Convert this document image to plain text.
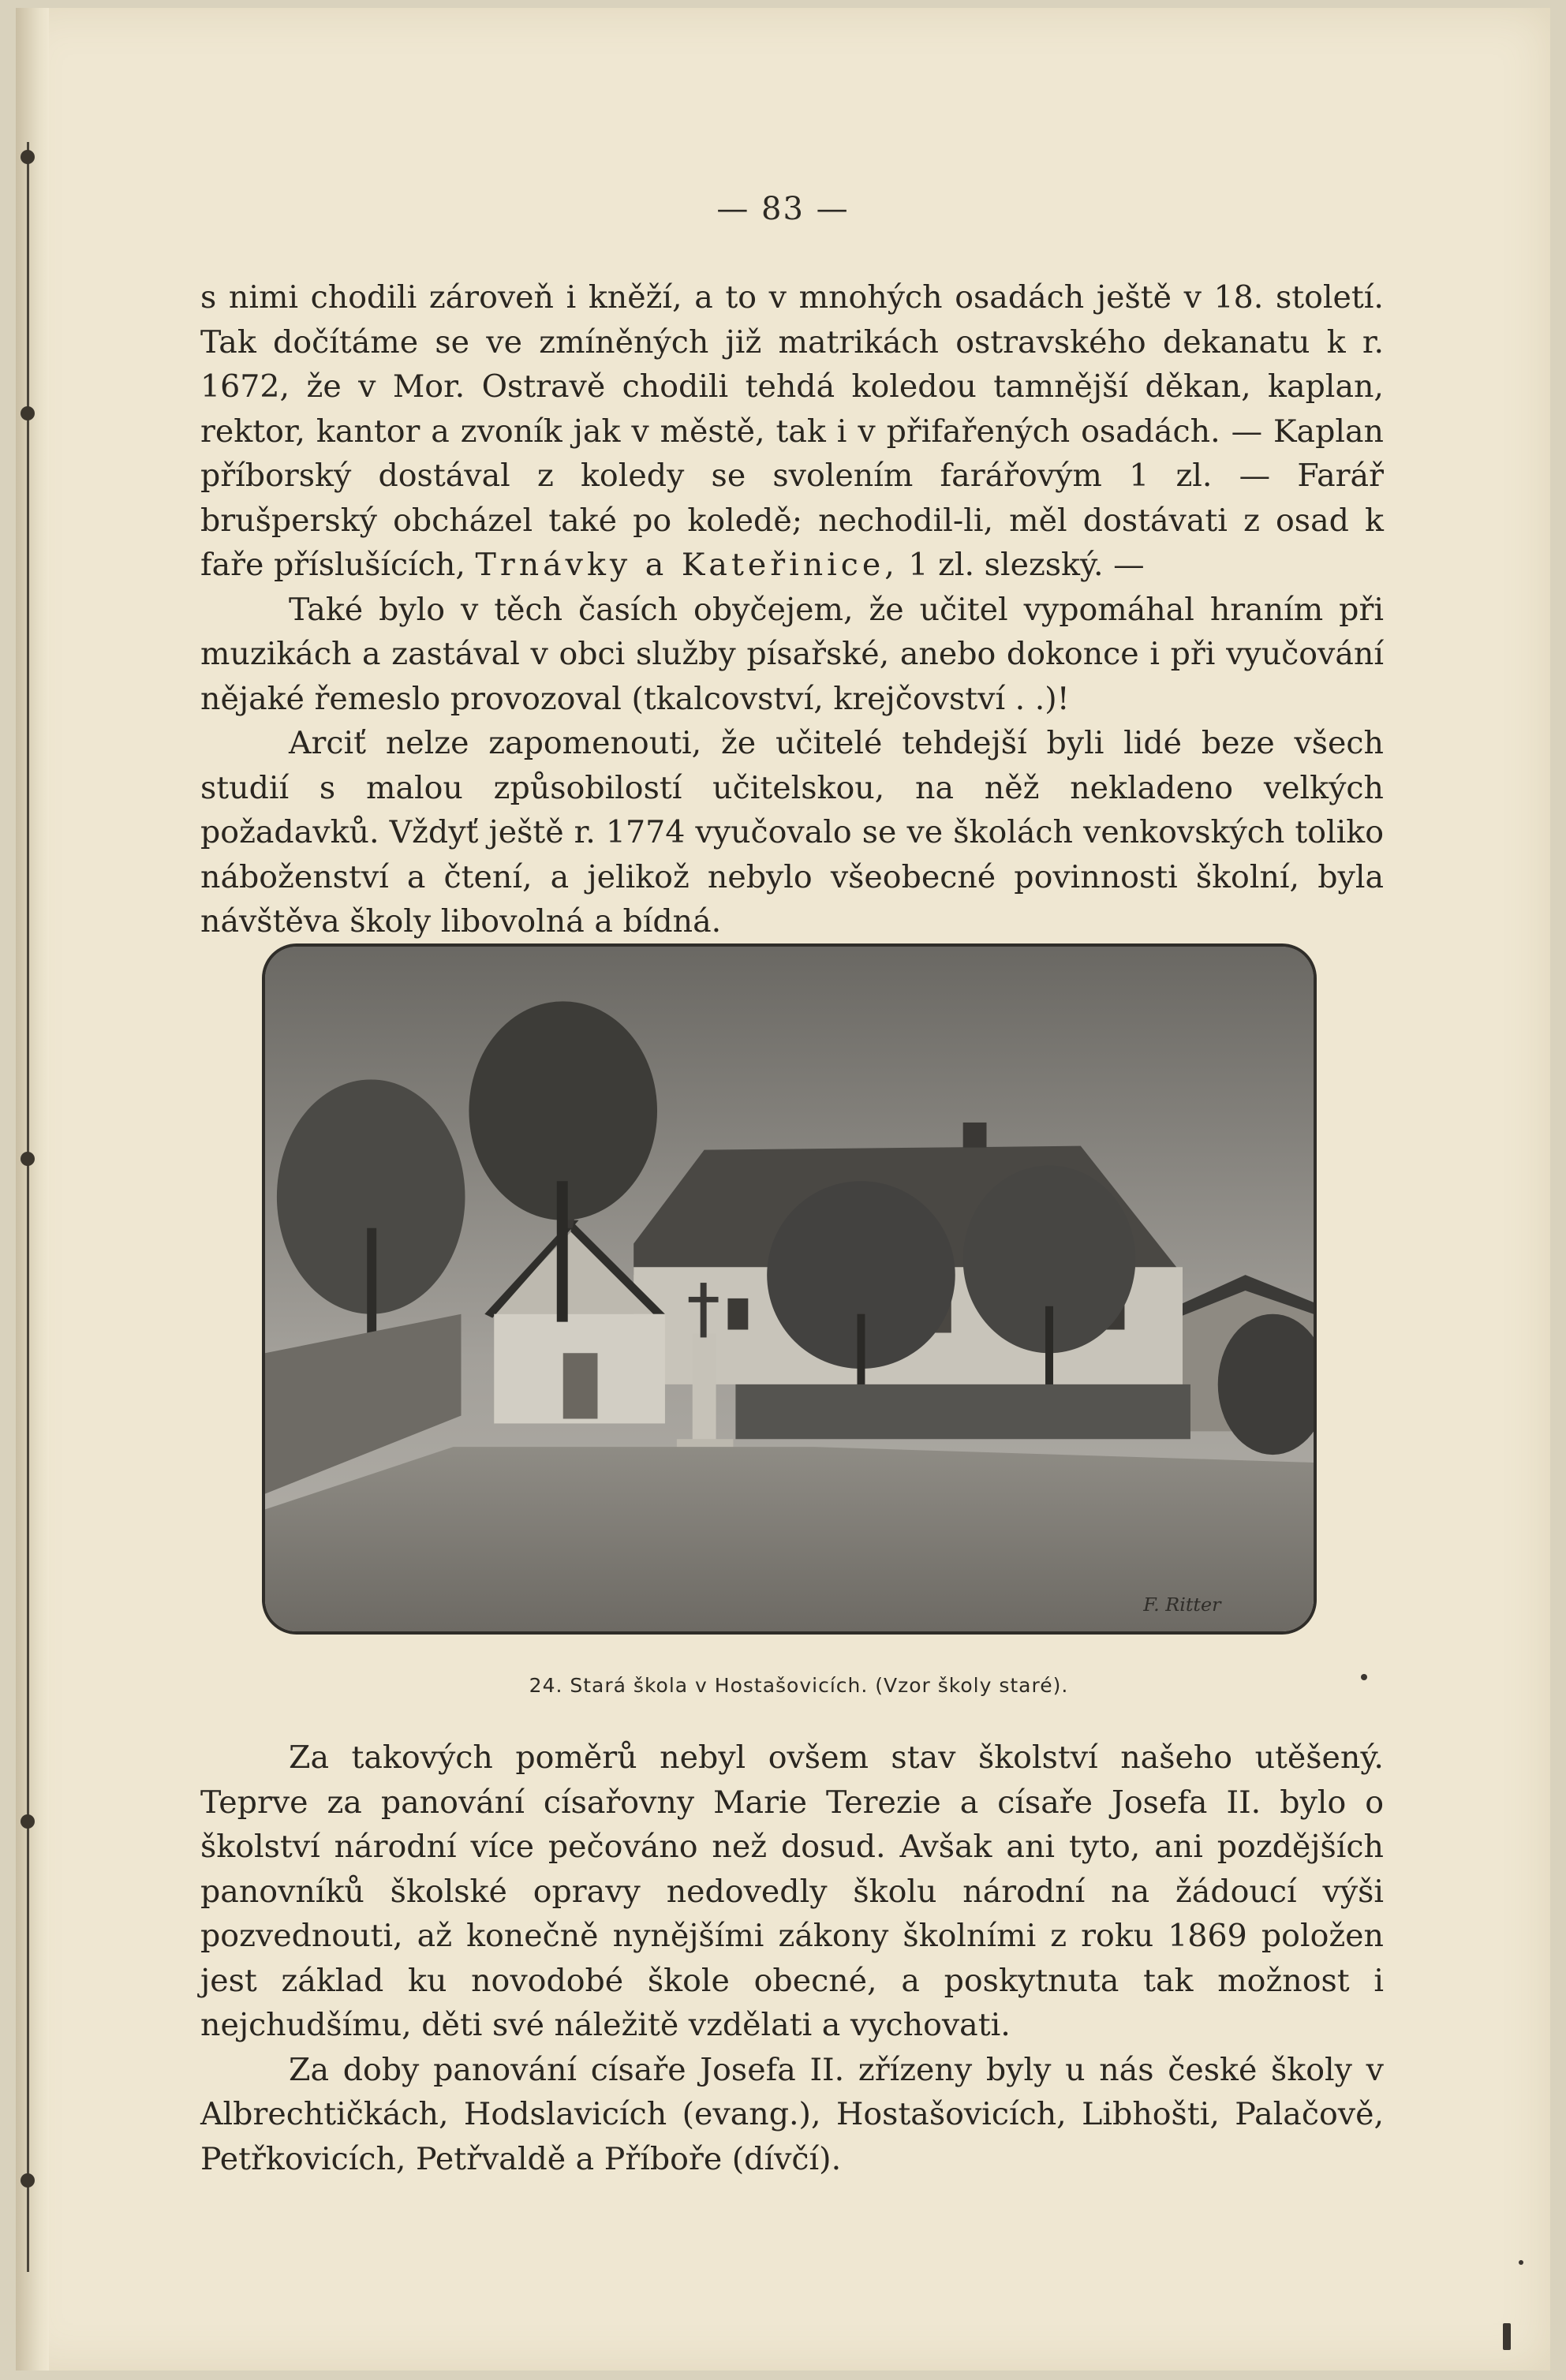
— 83 —

s nimi chodili zároveň i kněží, a to v mnohých osadách ještě v 18. století. Tak dočítáme se ve zmíněných již matrikách ostravského dekanatu k r. 1672, že v Mor. Ostravě chodili tehdá koledou tamnější děkan, kaplan, rektor, kantor a zvoník jak v městě, tak i v přifařených osadách. — Kaplan příborský dostával z koledy se svolením farářovým 1 zl. — Farář brušperský obcházel také po koledě; nechodil-li, měl dostávati z osad k faře příslušících, Trnávky a Kateřinice, 1 zl. slezský. —

Také bylo v těch časích obyčejem, že učitel vypomáhal hraním při muzikách a zastával v obci služby písařské, anebo dokonce i při vyučování nějaké řemeslo provozoval (tkalcovství, krejčovství . .)!

Arciť nelze zapomenouti, že učitelé tehdejší byli lidé beze všech studií s malou způsobilostí učitelskou, na něž nekladeno velkých požadavků. Vždyť ještě r. 1774 vyučovalo se ve školách venkovských toliko náboženství a čtení, a jelikož nebylo všeobecné povinnosti školní, byla návštěva školy libovolná a bídná.

F. Ritter
24. Stará škola v Hostašovicích. (Vzor školy staré).

Za takových poměrů nebyl ovšem stav školství našeho utěšený. Teprve za panování císařovny Marie Terezie a císaře Josefa II. bylo o školství národní více pečováno než dosud. Avšak ani tyto, ani pozdějších panovníků školské opravy nedovedly školu národní na žádoucí výši pozvednouti, až konečně nynějšími zákony školními z roku 1869 položen jest základ ku novodobé škole obecné, a poskytnuta tak možnost i nejchudšímu, děti své náležitě vzdělati a vychovati.

Za doby panování císaře Josefa II. zřízeny byly u nás české školy v Albrechtičkách, Hodslavicích (evang.), Hostašovicích, Libhošti, Palačově, Petřkovicích, Petřvaldě a Příboře (dívčí).
